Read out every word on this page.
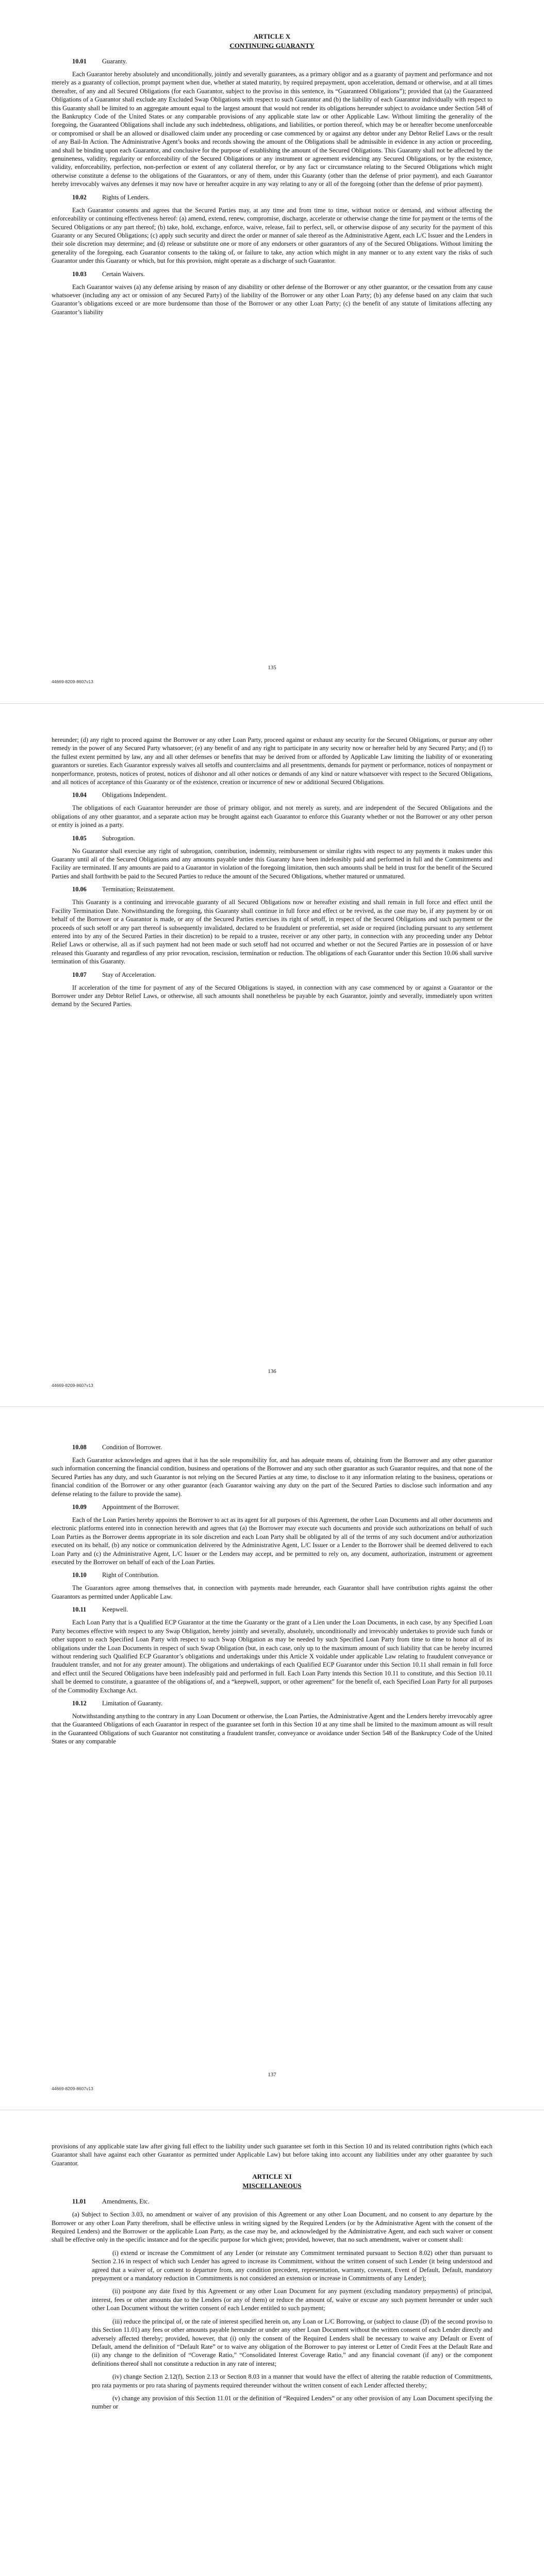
ARTICLE X
CONTINUING GUARANTY
10.01 Guaranty.

Each Guarantor hereby absolutely and unconditionally, jointly and severally guarantees, as a primary obligor and as a guaranty of payment and performance and not merely as a guaranty of collection, prompt payment when due, whether at stated maturity, by required prepayment, upon acceleration, demand or otherwise, and at all times thereafter, of any and all Secured Obligations (for each Guarantor, subject to the proviso in this sentence, its “Guaranteed Obligations”); provided that (a) the Guaranteed Obligations of a Guarantor shall exclude any Excluded Swap Obligations with respect to such Guarantor and (b) the liability of each Guarantor individually with respect to this Guaranty shall be limited to an aggregate amount equal to the largest amount that would not render its obligations hereunder subject to avoidance under Section 548 of the Bankruptcy Code of the United States or any comparable provisions of any applicable state law or other Applicable Law. Without limiting the generality of the foregoing, the Guaranteed Obligations shall include any such indebtedness, obligations, and liabilities, or portion thereof, which may be or hereafter become unenforceable or compromised or shall be an allowed or disallowed claim under any proceeding or case commenced by or against any debtor under any Debtor Relief Laws or the result of any Bail-In Action. The Administrative Agent’s books and records showing the amount of the Obligations shall be admissible in evidence in any action or proceeding, and shall be binding upon each Guarantor, and conclusive for the purpose of establishing the amount of the Secured Obligations. This Guaranty shall not be affected by the genuineness, validity, regularity or enforceability of the Secured Obligations or any instrument or agreement evidencing any Secured Obligations, or by the existence, validity, enforceability, perfection, non-perfection or extent of any collateral therefor, or by any fact or circumstance relating to the Secured Obligations which might otherwise constitute a defense to the obligations of the Guarantors, or any of them, under this Guaranty (other than the defense of prior payment), and each Guarantor hereby irrevocably waives any defenses it may now have or hereafter acquire in any way relating to any or all of the foregoing (other than the defense of prior payment).

10.02 Rights of Lenders.

Each Guarantor consents and agrees that the Secured Parties may, at any time and from time to time, without notice or demand, and without affecting the enforceability or continuing effectiveness hereof: (a) amend, extend, renew, compromise, discharge, accelerate or otherwise change the time for payment or the terms of the Secured Obligations or any part thereof; (b) take, hold, exchange, enforce, waive, release, fail to perfect, sell, or otherwise dispose of any security for the payment of this Guaranty or any Secured Obligations; (c) apply such security and direct the order or manner of sale thereof as the Administrative Agent, each L/C Issuer and the Lenders in their sole discretion may determine; and (d) release or substitute one or more of any endorsers or other guarantors of any of the Secured Obligations. Without limiting the generality of the foregoing, each Guarantor consents to the taking of, or failure to take, any action which might in any manner or to any extent vary the risks of such Guarantor under this Guaranty or which, but for this provision, might operate as a discharge of such Guarantor.

10.03 Certain Waivers.

Each Guarantor waives (a) any defense arising by reason of any disability or other defense of the Borrower or any other guarantor, or the cessation from any cause whatsoever (including any act or omission of any Secured Party) of the liability of the Borrower or any other Loan Party; (b) any defense based on any claim that such Guarantor’s obligations exceed or are more burdensome than those of the Borrower or any other Loan Party; (c) the benefit of any statute of limitations affecting any Guarantor’s liability

135
44669-8209-8607v13

hereunder; (d) any right to proceed against the Borrower or any other Loan Party, proceed against or exhaust any security for the Secured Obligations, or pursue any other remedy in the power of any Secured Party whatsoever; (e) any benefit of and any right to participate in any security now or hereafter held by any Secured Party; and (f) to the fullest extent permitted by law, any and all other defenses or benefits that may be derived from or afforded by Applicable Law limiting the liability of or exonerating guarantors or sureties. Each Guarantor expressly waives all setoffs and counterclaims and all presentments, demands for payment or performance, notices of nonpayment or nonperformance, protests, notices of protest, notices of dishonor and all other notices or demands of any kind or nature whatsoever with respect to the Secured Obligations, and all notices of acceptance of this Guaranty or of the existence, creation or incurrence of new or additional Secured Obligations.

10.04 Obligations Independent.

The obligations of each Guarantor hereunder are those of primary obligor, and not merely as surety, and are independent of the Secured Obligations and the obligations of any other guarantor, and a separate action may be brought against each Guarantor to enforce this Guaranty whether or not the Borrower or any other person or entity is joined as a party.

10.05 Subrogation.

No Guarantor shall exercise any right of subrogation, contribution, indemnity, reimbursement or similar rights with respect to any payments it makes under this Guaranty until all of the Secured Obligations and any amounts payable under this Guaranty have been indefeasibly paid and performed in full and the Commitments and Facility are terminated. If any amounts are paid to a Guarantor in violation of the foregoing limitation, then such amounts shall be held in trust for the benefit of the Secured Parties and shall forthwith be paid to the Secured Parties to reduce the amount of the Secured Obligations, whether matured or unmatured.

10.06 Termination; Reinstatement.

This Guaranty is a continuing and irrevocable guaranty of all Secured Obligations now or hereafter existing and shall remain in full force and effect until the Facility Termination Date. Notwithstanding the foregoing, this Guaranty shall continue in full force and effect or be revived, as the case may be, if any payment by or on behalf of the Borrower or a Guarantor is made, or any of the Secured Parties exercises its right of setoff, in respect of the Secured Obligations and such payment or the proceeds of such setoff or any part thereof is subsequently invalidated, declared to be fraudulent or preferential, set aside or required (including pursuant to any settlement entered into by any of the Secured Parties in their discretion) to be repaid to a trustee, receiver or any other party, in connection with any proceeding under any Debtor Relief Laws or otherwise, all as if such payment had not been made or such setoff had not occurred and whether or not the Secured Parties are in possession of or have released this Guaranty and regardless of any prior revocation, rescission, termination or reduction. The obligations of each Guarantor under this Section 10.06 shall survive termination of this Guaranty.

10.07 Stay of Acceleration.

If acceleration of the time for payment of any of the Secured Obligations is stayed, in connection with any case commenced by or against a Guarantor or the Borrower under any Debtor Relief Laws, or otherwise, all such amounts shall nonetheless be payable by each Guarantor, jointly and severally, immediately upon written demand by the Secured Parties.

136
44669-8209-8607v13
10.08 Condition of Borrower.

Each Guarantor acknowledges and agrees that it has the sole responsibility for, and has adequate means of, obtaining from the Borrower and any other guarantor such information concerning the financial condition, business and operations of the Borrower and any such other guarantor as such Guarantor requires, and that none of the Secured Parties has any duty, and such Guarantor is not relying on the Secured Parties at any time, to disclose to it any information relating to the business, operations or financial condition of the Borrower or any other guarantor (each Guarantor waiving any duty on the part of the Secured Parties to disclose such information and any defense relating to the failure to provide the same).

10.09 Appointment of the Borrower.

Each of the Loan Parties hereby appoints the Borrower to act as its agent for all purposes of this Agreement, the other Loan Documents and all other documents and electronic platforms entered into in connection herewith and agrees that (a) the Borrower may execute such documents and provide such authorizations on behalf of such Loan Parties as the Borrower deems appropriate in its sole discretion and each Loan Party shall be obligated by all of the terms of any such document and/or authorization executed on its behalf, (b) any notice or communication delivered by the Administrative Agent, L/C Issuer or a Lender to the Borrower shall be deemed delivered to each Loan Party and (c) the Administrative Agent, L/C Issuer or the Lenders may accept, and be permitted to rely on, any document, authorization, instrument or agreement executed by the Borrower on behalf of each of the Loan Parties.

10.10 Right of Contribution.

The Guarantors agree among themselves that, in connection with payments made hereunder, each Guarantor shall have contribution rights against the other Guarantors as permitted under Applicable Law.

10.11 Keepwell.

Each Loan Party that is a Qualified ECP Guarantor at the time the Guaranty or the grant of a Lien under the Loan Documents, in each case, by any Specified Loan Party becomes effective with respect to any Swap Obligation, hereby jointly and severally, absolutely, unconditionally and irrevocably undertakes to provide such funds or other support to each Specified Loan Party with respect to such Swap Obligation as may be needed by such Specified Loan Party from time to time to honor all of its obligations under the Loan Documents in respect of such Swap Obligation (but, in each case, only up to the maximum amount of such liability that can be hereby incurred without rendering such Qualified ECP Guarantor’s obligations and undertakings under this Article X voidable under applicable Law relating to fraudulent conveyance or fraudulent transfer, and not for any greater amount). The obligations and undertakings of each Qualified ECP Guarantor under this Section 10.11 shall remain in full force and effect until the Secured Obligations have been indefeasibly paid and performed in full. Each Loan Party intends this Section 10.11 to constitute, and this Section 10.11 shall be deemed to constitute, a guarantee of the obligations of, and a “keepwell, support, or other agreement” for the benefit of, each Specified Loan Party for all purposes of the Commodity Exchange Act.

10.12 Limitation of Guaranty.

Notwithstanding anything to the contrary in any Loan Document or otherwise, the Loan Parties, the Administrative Agent and the Lenders hereby irrevocably agree that the Guaranteed Obligations of each Guarantor in respect of the guarantee set forth in this Section 10 at any time shall be limited to the maximum amount as will result in the Guaranteed Obligations of such Guarantor not constituting a fraudulent transfer, conveyance or avoidance under Section 548 of the Bankruptcy Code of the United States or any comparable

137
44669-8209-8607v13

provisions of any applicable state law after giving full effect to the liability under such guarantee set forth in this Section 10 and its related contribution rights (which each Guarantor shall have against each other Guarantor as permitted under Applicable Law) but before taking into account any liabilities under any other guarantee by such Guarantor.

ARTICLE XI
MISCELLANEOUS
11.01 Amendments, Etc.

(a) Subject to Section 3.03, no amendment or waiver of any provision of this Agreement or any other Loan Document, and no consent to any departure by the Borrower or any other Loan Party therefrom, shall be effective unless in writing signed by the Required Lenders (or by the Administrative Agent with the consent of the Required Lenders) and the Borrower or the applicable Loan Party, as the case may be, and acknowledged by the Administrative Agent, and each such waiver or consent shall be effective only in the specific instance and for the specific purpose for which given; provided, however, that no such amendment, waiver or consent shall:

(i) extend or increase the Commitment of any Lender (or reinstate any Commitment terminated pursuant to Section 8.02) other than pursuant to Section 2.16 in respect of which such Lender has agreed to increase its Commitment, without the written consent of such Lender (it being understood and agreed that a waiver of, or consent to departure from, any condition precedent, representation, warranty, covenant, Event of Default, Default, mandatory prepayment or a mandatory reduction in Commitments is not considered an extension or increase in Commitments of any Lender);

(ii) postpone any date fixed by this Agreement or any other Loan Document for any payment (excluding mandatory prepayments) of principal, interest, fees or other amounts due to the Lenders (or any of them) or reduce the amount of, waive or excuse any such payment hereunder or under such other Loan Document without the written consent of each Lender entitled to such payment;

(iii) reduce the principal of, or the rate of interest specified herein on, any Loan or L/C Borrowing, or (subject to clause (D) of the second proviso to this Section 11.01) any fees or other amounts payable hereunder or under any other Loan Document without the written consent of each Lender directly and adversely affected thereby; provided, however, that (i) only the consent of the Required Lenders shall be necessary to waive any Default or Event of Default, amend the definition of “Default Rate” or to waive any obligation of the Borrower to pay interest or Letter of Credit Fees at the Default Rate and (ii) any change to the definition of “Coverage Ratio,” “Consolidated Interest Coverage Ratio,” and any financial covenant (if any) or the component definitions thereof shall not constitute a reduction in any rate of interest;

(iv) change Section 2.12(f), Section 2.13 or Section 8.03 in a manner that would have the effect of altering the ratable reduction of Commitments, pro rata payments or pro rata sharing of payments required thereunder without the written consent of each Lender affected thereby;

(v) change any provision of this Section 11.01 or the definition of “Required Lenders” or any other provision of any Loan Document specifying the number or
